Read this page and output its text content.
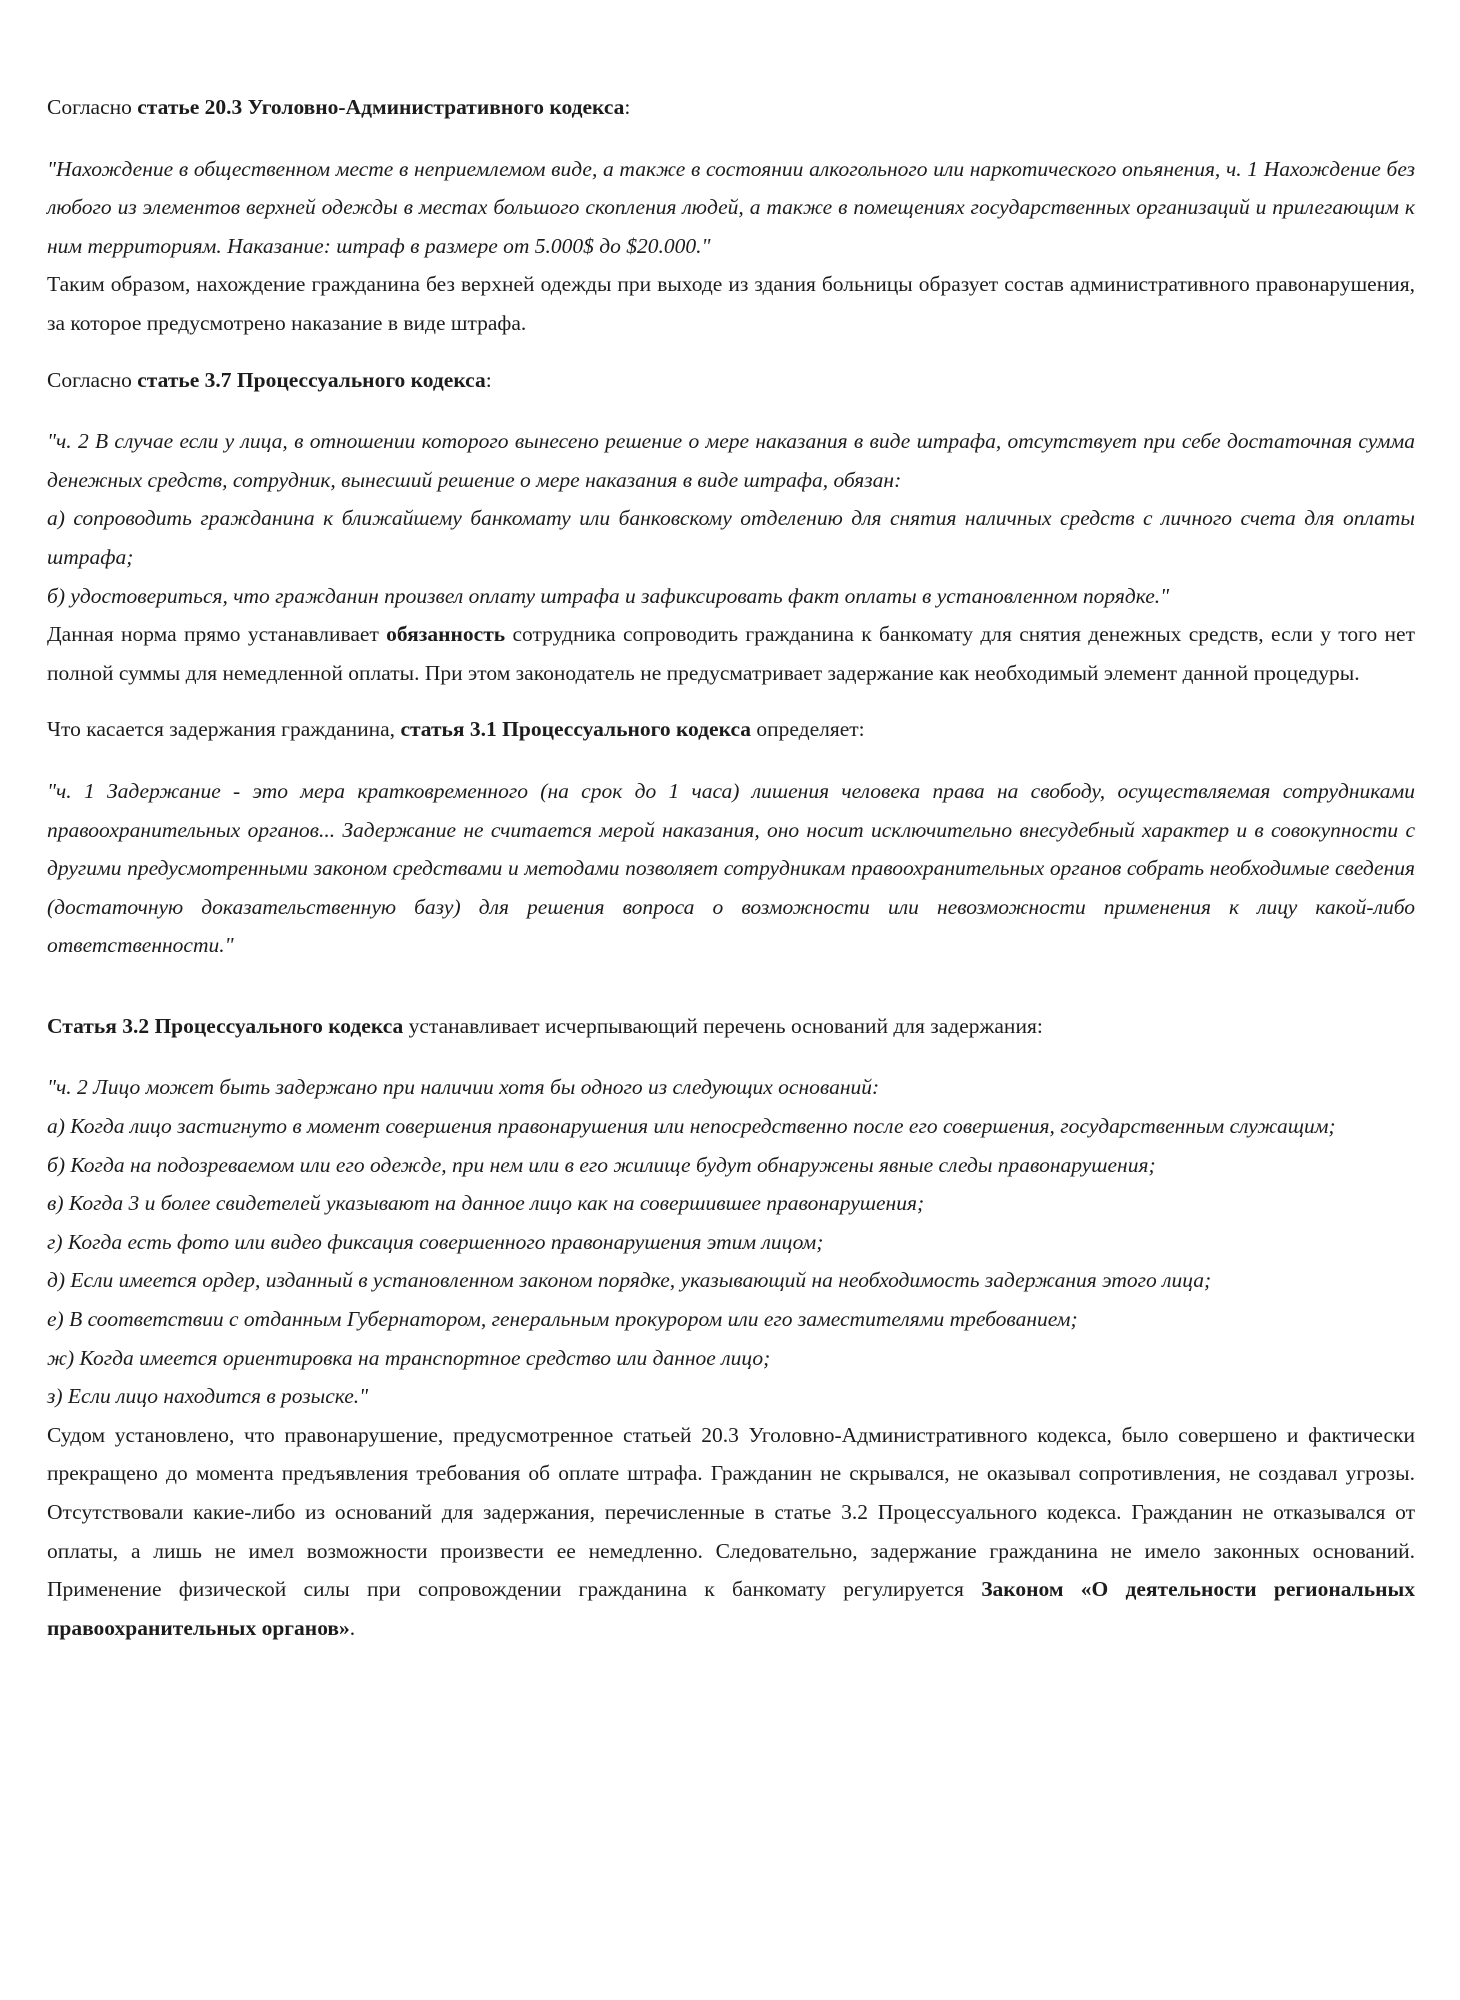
Согласно статье 20.3 Уголовно-Административного кодекса:

"Нахождение в общественном месте в неприемлемом виде, а также в состоянии алкогольного или наркотического опьянения, ч. 1 Нахождение без любого из элементов верхней одежды в местах большого скопления людей, а также в помещениях государственных организаций и прилегающим к ним территориям. Наказание: штраф в размере от 5.000$ до $20.000."

Таким образом, нахождение гражданина без верхней одежды при выходе из здания больницы образует состав административного правонарушения, за которое предусмотрено наказание в виде штрафа.

Согласно статье 3.7 Процессуального кодекса:

"ч. 2 В случае если у лица, в отношении которого вынесено решение о мере наказания в виде штрафа, отсутствует при себе достаточная сумма денежных средств, сотрудник, вынесший решение о мере наказания в виде штрафа, обязан:

а) сопроводить гражданина к ближайшему банкомату или банковскому отделению для снятия наличных средств с личного счета для оплаты штрафа;

б) удостовериться, что гражданин произвел оплату штрафа и зафиксировать факт оплаты в установленном порядке."

Данная норма прямо устанавливает обязанность сотрудника сопроводить гражданина к банкомату для снятия денежных средств, если у того нет полной суммы для немедленной оплаты. При этом законодатель не предусматривает задержание как необходимый элемент данной процедуры.

Что касается задержания гражданина, статья 3.1 Процессуального кодекса определяет:

"ч. 1 Задержание - это мера кратковременного (на срок до 1 часа) лишения человека права на свободу, осуществляемая сотрудниками правоохранительных органов... Задержание не считается мерой наказания, оно носит исключительно внесудебный характер и в совокупности с другими предусмотренными законом средствами и методами позволяет сотрудникам правоохранительных органов собрать необходимые сведения (достаточную доказательственную базу) для решения вопроса о возможности или невозможности применения к лицу какой-либо ответственности."

Статья 3.2 Процессуального кодекса устанавливает исчерпывающий перечень оснований для задержания:

"ч. 2 Лицо может быть задержано при наличии хотя бы одного из следующих оснований:

а) Когда лицо застигнуто в момент совершения правонарушения или непосредственно после его совершения, государственным служащим;

б) Когда на подозреваемом или его одежде, при нем или в его жилище будут обнаружены явные следы правонарушения;

в) Когда 3 и более свидетелей указывают на данное лицо как на совершившее правонарушения;

г) Когда есть фото или видео фиксация совершенного правонарушения этим лицом;

д) Если имеется ордер, изданный в установленном законом порядке, указывающий на необходимость задержания этого лица;

е) В соответствии с отданным Губернатором, генеральным прокурором или его заместителями требованием;

ж) Когда имеется ориентировка на транспортное средство или данное лицо;

з) Если лицо находится в розыске."

Судом установлено, что правонарушение, предусмотренное статьей 20.3 Уголовно-Административного кодекса, было совершено и фактически прекращено до момента предъявления требования об оплате штрафа. Гражданин не скрывался, не оказывал сопротивления, не создавал угрозы. Отсутствовали какие-либо из оснований для задержания, перечисленные в статье 3.2 Процессуального кодекса. Гражданин не отказывался от оплаты, а лишь не имел возможности произвести ее немедленно. Следовательно, задержание гражданина не имело законных оснований. Применение физической силы при сопровождении гражданина к банкомату регулируется Законом «О деятельности региональных правоохранительных органов».
